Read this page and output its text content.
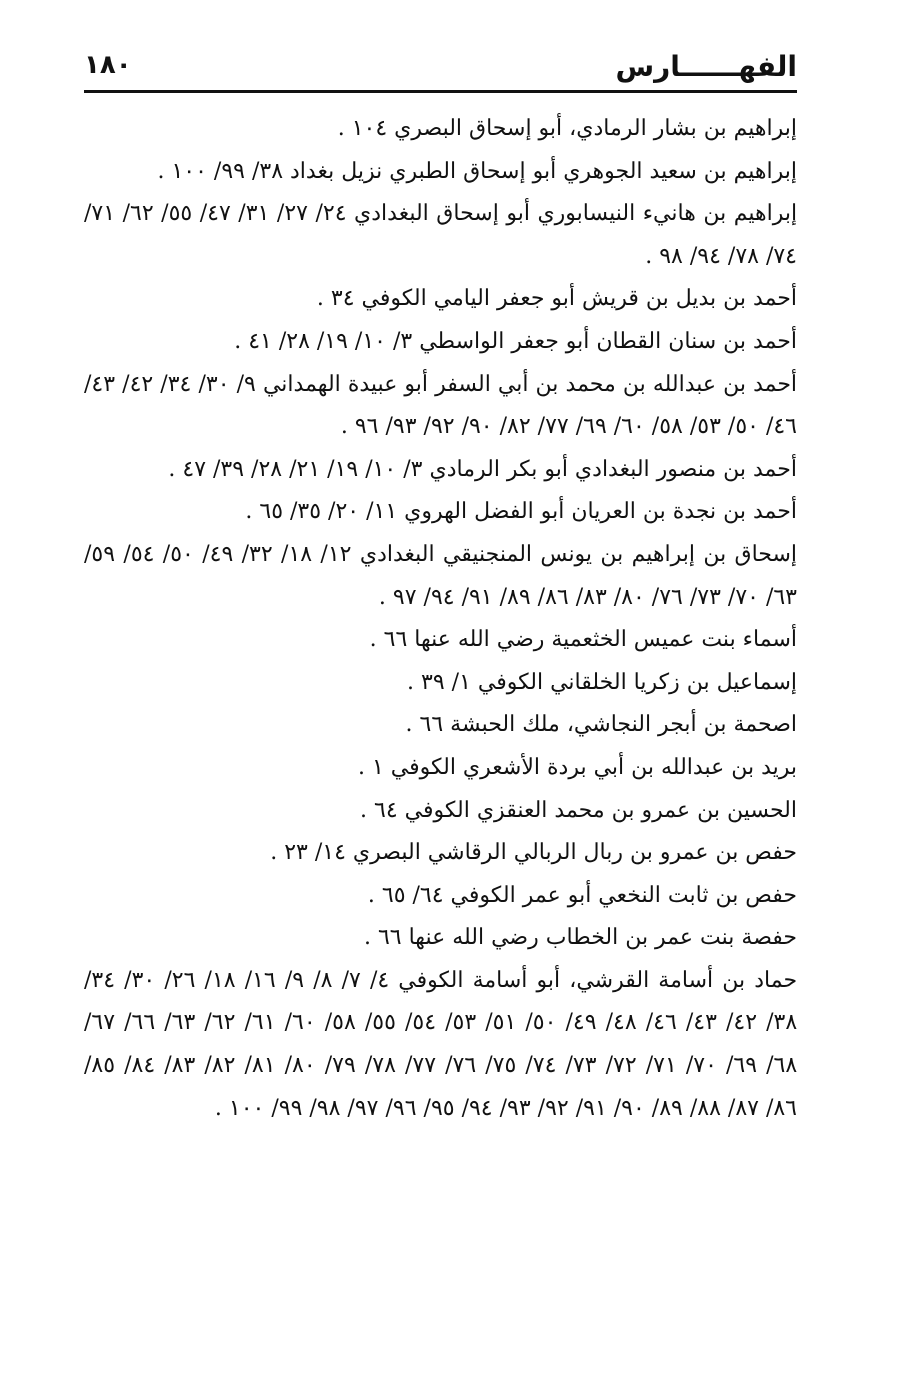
الفهــــــارس
١٨٠

إبراهيم بن بشار الرمادي، أبو إسحاق البصري ١٠٤ .

إبراهيم بن سعيد الجوهري أبو إسحاق الطبري نزيل بغداد ٣٨/ ٩٩/ ١٠٠ .

إبراهيم بن هانيء النيسابوري أبو إسحاق البغدادي ٢٤/ ٢٧/ ٣١/ ٤٧/ ٥٥/ ٦٢/ ٧١/ ٧٤/ ٧٨/ ٩٤/ ٩٨ .

أحمد بن بديل بن قريش أبو جعفر اليامي الكوفي ٣٤ .

أحمد بن سنان القطان أبو جعفر الواسطي ٣/ ١٠/ ١٩/ ٢٨/ ٤١ .

أحمد بن عبدالله بن محمد بن أبي السفر أبو عبيدة الهمداني ٩/ ٣٠/ ٣٤/ ٤٢/ ٤٣/ ٤٦/ ٥٠/ ٥٣/ ٥٨/ ٦٠/ ٦٩/ ٧٧/ ٨٢/ ٩٠/ ٩٢/ ٩٣/ ٩٦ .

أحمد بن منصور البغدادي أبو بكر الرمادي ٣/ ١٠/ ١٩/ ٢١/ ٢٨/ ٣٩/ ٤٧ .

أحمد بن نجدة بن العريان أبو الفضل الهروي ١١/ ٢٠/ ٣٥/ ٦٥ .

إسحاق بن إبراهيم بن يونس المنجنيقي البغدادي ١٢/ ١٨/ ٣٢/ ٤٩/ ٥٠/ ٥٤/ ٥٩/ ٦٣/ ٧٠/ ٧٣/ ٧٦/ ٨٠/ ٨٣/ ٨٦/ ٨٩/ ٩١/ ٩٤/ ٩٧ .

أسماء بنت عميس الخثعمية رضي الله عنها ٦٦ .

إسماعيل بن زكريا الخلقاني الكوفي ١/ ٣٩ .

اصحمة بن أبجر النجاشي، ملك الحبشة ٦٦ .

بريد بن عبدالله بن أبي بردة الأشعري الكوفي ١ .

الحسين بن عمرو بن محمد العنقزي الكوفي ٦٤ .

حفص بن عمرو بن ربال الربالي الرقاشي البصري ١٤/ ٢٣ .

حفص بن ثابت النخعي أبو عمر الكوفي ٦٤/ ٦٥ .

حفصة بنت عمر بن الخطاب رضي الله عنها ٦٦ .

حماد بن أسامة القرشي، أبو أسامة الكوفي ٤/ ٧/ ٨/ ٩/ ١٦/ ١٨/ ٢٦/ ٣٠/ ٣٤/ ٣٨/ ٤٢/ ٤٣/ ٤٦/ ٤٨/ ٤٩/ ٥٠/ ٥١/ ٥٣/ ٥٤/ ٥٥/ ٥٨/ ٦٠/ ٦١/ ٦٢/ ٦٣/ ٦٦/ ٦٧/ ٦٨/ ٦٩/ ٧٠/ ٧١/ ٧٢/ ٧٣/ ٧٤/ ٧٥/ ٧٦/ ٧٧/ ٧٨/ ٧٩/ ٨٠/ ٨١/ ٨٢/ ٨٣/ ٨٤/ ٨٥/ ٨٦/ ٨٧/ ٨٨/ ٨٩/ ٩٠/ ٩١/ ٩٢/ ٩٣/ ٩٤/ ٩٥/ ٩٦/ ٩٧/ ٩٨/ ٩٩/ ١٠٠ .
